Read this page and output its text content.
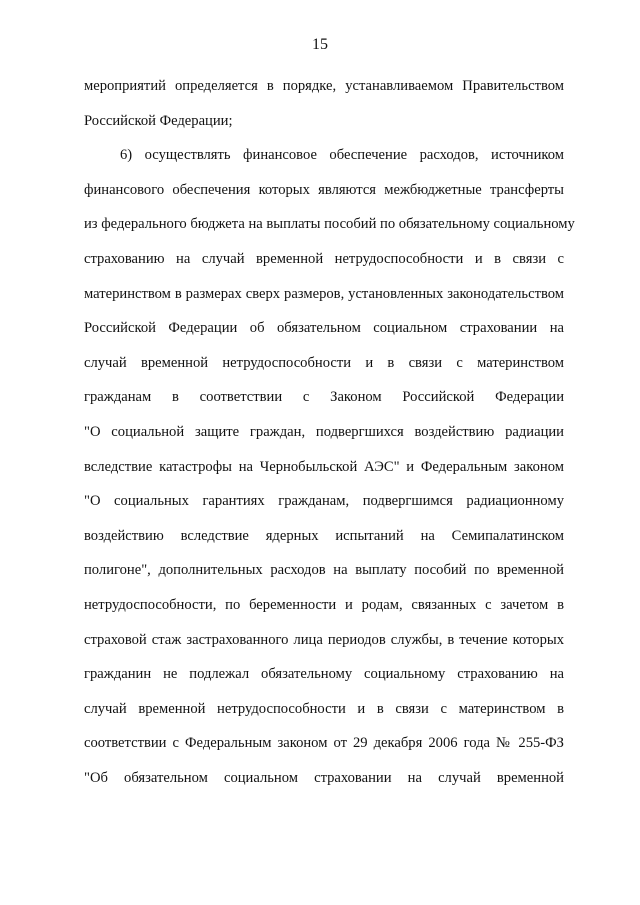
15
мероприятий определяется в порядке, устанавливаемом Правительством
Российской Федерации;
6) осуществлять финансовое обеспечение расходов, источником
финансового обеспечения которых являются межбюджетные трансферты
из федерального бюджета на выплаты пособий по обязательному социальному
страхованию на случай временной нетрудоспособности и в связи с
материнством в размерах сверх размеров, установленных законодательством
Российской Федерации об обязательном социальном страховании на
случай временной нетрудоспособности и в связи с материнством
гражданам в соответствии с Законом Российской Федерации
"О социальной защите граждан, подвергшихся воздействию радиации
вследствие катастрофы на Чернобыльской АЭС" и Федеральным законом
"О социальных гарантиях гражданам, подвергшимся радиационному
воздействию вследствие ядерных испытаний на Семипалатинском
полигоне", дополнительных расходов на выплату пособий по временной
нетрудоспособности, по беременности и родам, связанных с зачетом в
страховой стаж застрахованного лица периодов службы, в течение которых
гражданин не подлежал обязательному социальному страхованию на
случай временной нетрудоспособности и в связи с материнством в
соответствии с Федеральным законом от 29 декабря 2006 года № 255-ФЗ
"Об обязательном социальном страховании на случай временной
